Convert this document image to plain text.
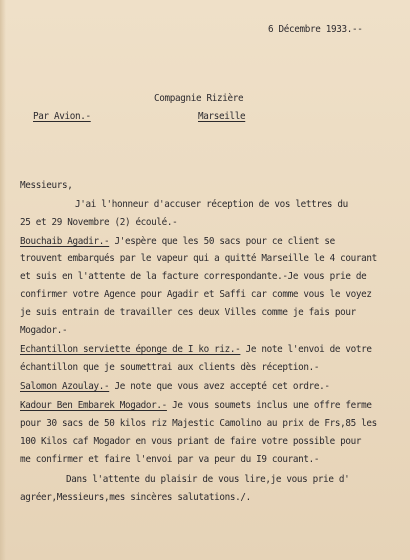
6 Décembre 1933.--
Compagnie Rizière
Par Avion.-	Marseille
Messieurs,
J'ai l'honneur d'accuser réception de vos lettres du
25 et 29 Novembre (2) écoulé.-
Bouchaib Agadir.- J'espère que les 50 sacs pour ce client se
trouvent embarqués par le vapeur qui a quitté Marseille le 4 courant
et suis en l'attente de la facture correspondante.-Je vous prie de
confirmer votre Agence pour Agadir et Saffi car comme vous le voyez
je suis entrain de travailler ces deux Villes comme je fais pour
Mogador.-
Echantillon serviette éponge de I ko riz.- Je note l'envoi de votre
échantillon que je soumettrai aux clients dès réception.-
Salomon Azoulay.- Je note que vous avez accepté cet ordre.-
Kadour Ben Embarek Mogador.- Je vous soumets inclus une offre ferme
pour 30 sacs de 50 kilos riz Majestic Camolino au prix de Frs,85 les
100 Kilos caf Mogador en vous priant de faire votre possible pour
me confirmer et faire l'envoi par va peur du I9 courant.-
Dans l'attente du plaisir de vous lire,je vous prie d'
agréer,Messieurs,mes sincères salutations./.
